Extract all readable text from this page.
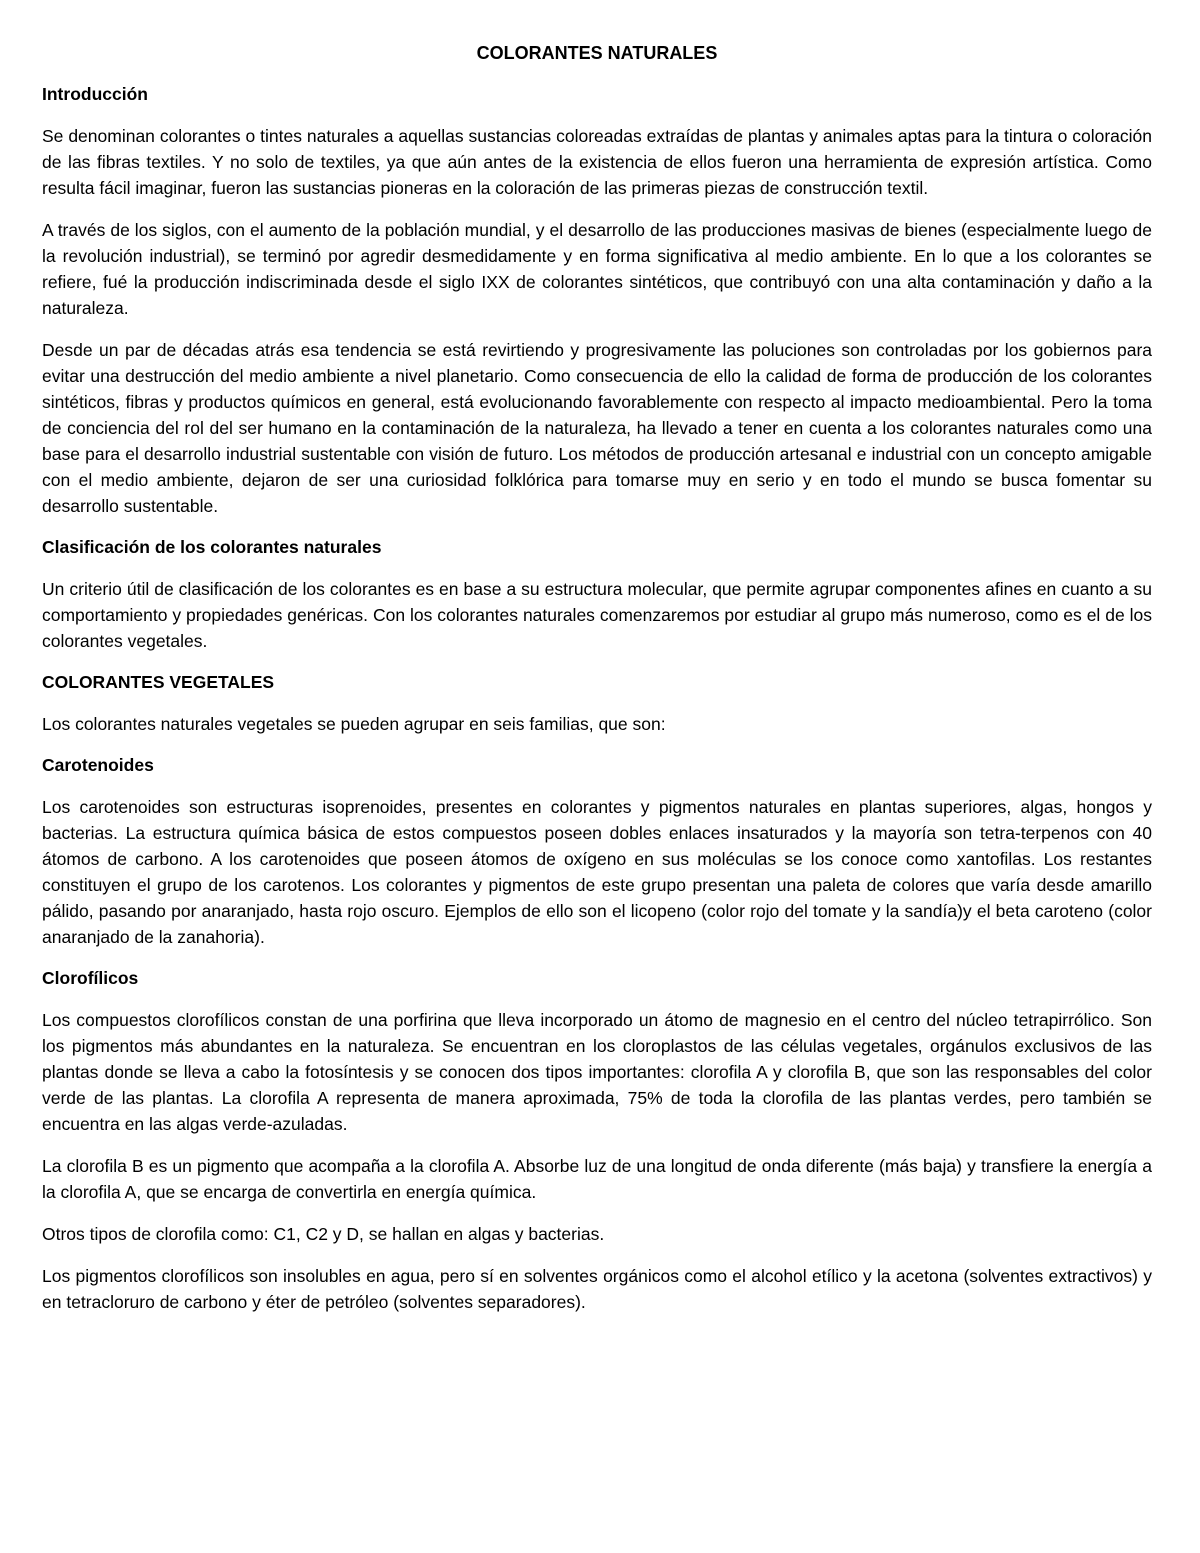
COLORANTES NATURALES
Introducción

Se denominan colorantes o tintes naturales a aquellas sustancias coloreadas extraídas de plantas y animales aptas para la tintura o coloración de las fibras textiles. Y no solo de textiles, ya que aún antes de la existencia de ellos fueron una herramienta de expresión artística. Como resulta fácil imaginar, fueron las sustancias pioneras en la coloración de las primeras piezas de construcción textil.

A través de los siglos, con el aumento de la población mundial, y el desarrollo de las producciones masivas de bienes (especialmente luego de la revolución industrial), se terminó por agredir desmedidamente y en forma significativa al medio ambiente. En lo que a los colorantes se refiere, fué la producción indiscriminada desde el siglo IXX de colorantes sintéticos, que contribuyó con una alta contaminación y daño a la naturaleza.

Desde un par de décadas atrás esa tendencia se está revirtiendo y progresivamente las poluciones son controladas por los gobiernos para evitar una destrucción del medio ambiente a nivel planetario. Como consecuencia de ello la calidad de forma de producción de los colorantes sintéticos, fibras y productos químicos en general, está evolucionando favorablemente con respecto al impacto medioambiental. Pero la toma de conciencia del rol del ser humano en la contaminación de la naturaleza, ha llevado a tener en cuenta a los colorantes naturales como una base para el desarrollo industrial sustentable con visión de futuro. Los métodos de producción artesanal e industrial con un concepto amigable con el medio ambiente, dejaron de ser una curiosidad folklórica para tomarse muy en serio y en todo el mundo se busca fomentar su desarrollo sustentable.

Clasificación de los colorantes naturales

Un criterio útil de clasificación de los colorantes es en base a su estructura molecular, que permite agrupar componentes afines en cuanto a su comportamiento y propiedades genéricas. Con los colorantes naturales comenzaremos por estudiar al grupo más numeroso, como es el de los colorantes vegetales.

COLORANTES VEGETALES

Los colorantes naturales vegetales se pueden agrupar en seis familias, que son:

Carotenoides

Los carotenoides son estructuras isoprenoides, presentes en colorantes y pigmentos naturales en plantas superiores, algas, hongos y bacterias. La estructura química básica de estos compuestos poseen dobles enlaces insaturados y la mayoría son tetra-terpenos con 40 átomos de carbono. A los carotenoides que poseen átomos de oxígeno en sus moléculas se los conoce como xantofilas. Los restantes constituyen el grupo de los carotenos. Los colorantes y pigmentos de este grupo presentan una paleta de colores que varía desde amarillo pálido, pasando por anaranjado, hasta rojo oscuro. Ejemplos de ello son el licopeno (color rojo del tomate y la sandía)y el beta caroteno (color anaranjado de la zanahoria).

Clorofílicos

Los compuestos clorofílicos constan de una porfirina que lleva incorporado un átomo de magnesio en el centro del núcleo tetrapirrólico. Son los pigmentos más abundantes en la naturaleza. Se encuentran en los cloroplastos de las células vegetales, orgánulos exclusivos de las plantas donde se lleva a cabo la fotosíntesis y se conocen dos tipos importantes: clorofila A y clorofila B, que son las responsables del color verde de las plantas. La clorofila A representa de manera aproximada, 75% de toda la clorofila de las plantas verdes, pero también se encuentra en las algas verde-azuladas.

La clorofila B es un pigmento que acompaña a la clorofila A. Absorbe luz de una longitud de onda diferente (más baja) y transfiere la energía a la clorofila A, que se encarga de convertirla en energía química.

Otros tipos de clorofila como: C1, C2 y D, se hallan en algas y bacterias.

Los pigmentos clorofílicos son insolubles en agua, pero sí en solventes orgánicos como el alcohol etílico y la acetona (solventes extractivos) y en tetracloruro de carbono y éter de petróleo (solventes separadores).
